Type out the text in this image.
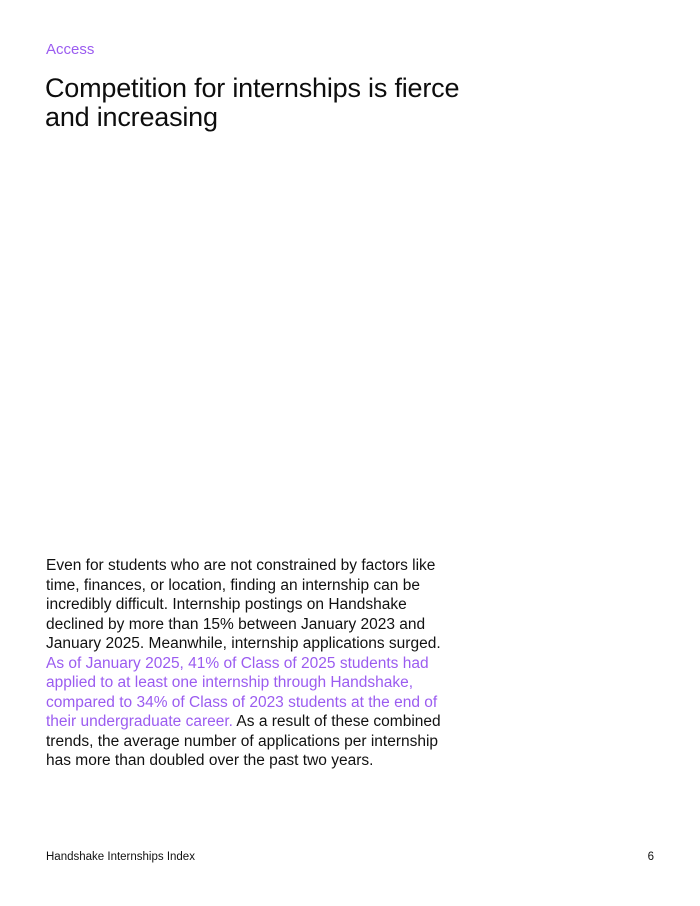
Access
Competition for internships is fierce and increasing

Even for students who are not constrained by factors like time, finances, or location, finding an internship can be incredibly difficult. Internship postings on Handshake declined by more than 15% between January 2023 and January 2025. Meanwhile, internship applications surged. As of January 2025, 41% of Class of 2025 students had applied to at least one internship through Handshake, compared to 34% of Class of 2023 students at the end of their undergraduate career. As a result of these combined trends, the average number of applications per internship has more than doubled over the past two years.

Handshake Internships Index	6
